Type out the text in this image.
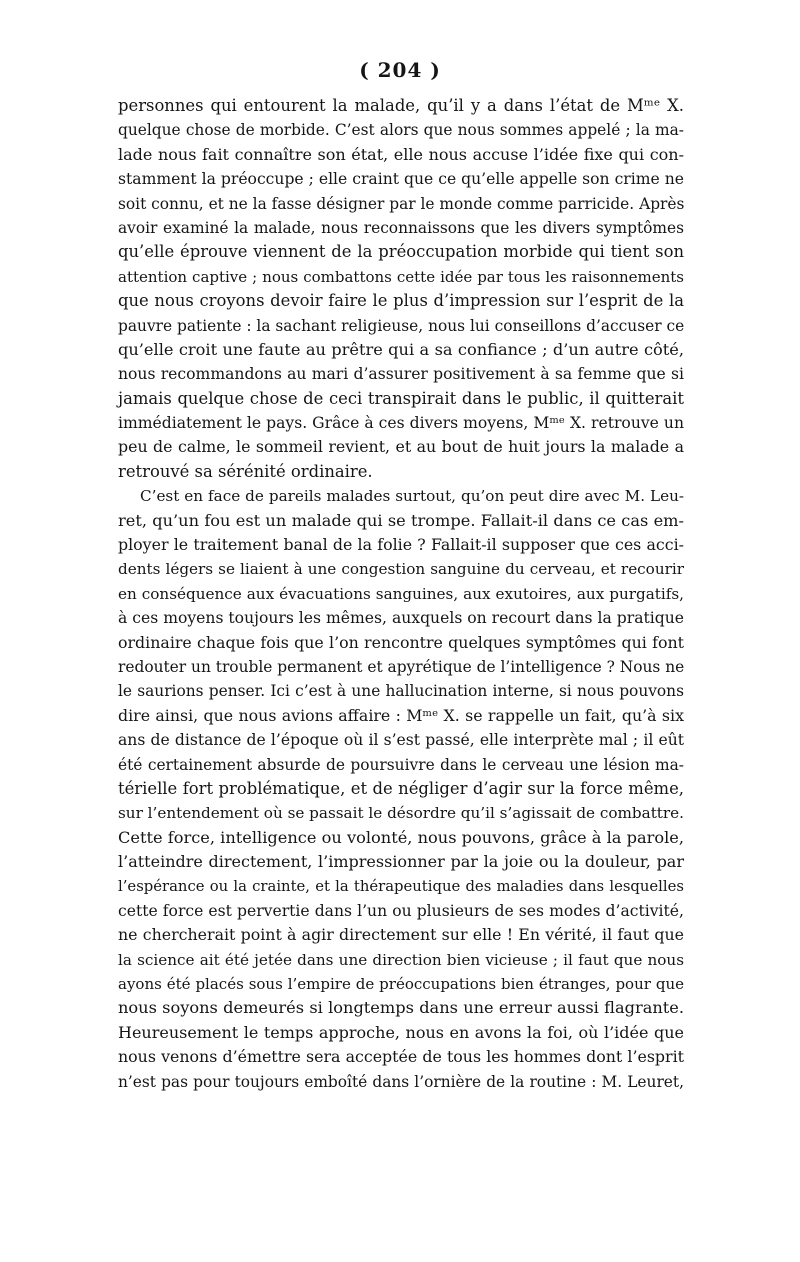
( 204 )
personnes qui entourent la malade, qu’il y a dans l’état de Mᵐᵉ X.
quelque chose de morbide. C’est alors que nous sommes appelé ; la ma-
lade nous fait connaître son état, elle nous accuse l’idée fixe qui con-
stamment la préoccupe ; elle craint que ce qu’elle appelle son crime ne
soit connu, et ne la fasse désigner par le monde comme parricide. Après
avoir examiné la malade, nous reconnaissons que les divers symptômes
qu’elle éprouve viennent de la préoccupation morbide qui tient son
attention captive ; nous combattons cette idée par tous les raisonnements
que nous croyons devoir faire le plus d’impression sur l’esprit de la
pauvre patiente : la sachant religieuse, nous lui conseillons d’accuser ce
qu’elle croit une faute au prêtre qui a sa confiance ; d’un autre côté,
nous recommandons au mari d’assurer positivement à sa femme que si
jamais quelque chose de ceci transpirait dans le public, il quitterait
immédiatement le pays. Grâce à ces divers moyens, Mᵐᵉ X. retrouve un
peu de calme, le sommeil revient, et au bout de huit jours la malade a
retrouvé sa sérénité ordinaire.
C’est en face de pareils malades surtout, qu’on peut dire avec M. Leu-
ret, qu’un fou est un malade qui se trompe. Fallait-il dans ce cas em-
ployer le traitement banal de la folie ? Fallait-il supposer que ces acci-
dents légers se liaient à une congestion sanguine du cerveau, et recourir
en conséquence aux évacuations sanguines, aux exutoires, aux purgatifs,
à ces moyens toujours les mêmes, auxquels on recourt dans la pratique
ordinaire chaque fois que l’on rencontre quelques symptômes qui font
redouter un trouble permanent et apyrétique de l’intelligence ? Nous ne
le saurions penser. Ici c’est à une hallucination interne, si nous pouvons
dire ainsi, que nous avions affaire : Mᵐᵉ X. se rappelle un fait, qu’à six
ans de distance de l’époque où il s’est passé, elle interprète mal ; il eût
été certainement absurde de poursuivre dans le cerveau une lésion ma-
térielle fort problématique, et de négliger d’agir sur la force même,
sur l’entendement où se passait le désordre qu’il s’agissait de combattre.
Cette force, intelligence ou volonté, nous pouvons, grâce à la parole,
l’atteindre directement, l’impressionner par la joie ou la douleur, par
l’espérance ou la crainte, et la thérapeutique des maladies dans lesquelles
cette force est pervertie dans l’un ou plusieurs de ses modes d’activité,
ne chercherait point à agir directement sur elle ! En vérité, il faut que
la science ait été jetée dans une direction bien vicieuse ; il faut que nous
ayons été placés sous l’empire de préoccupations bien étranges, pour que
nous soyons demeurés si longtemps dans une erreur aussi flagrante.
Heureusement le temps approche, nous en avons la foi, où l’idée que
nous venons d’émettre sera acceptée de tous les hommes dont l’esprit
n’est pas pour toujours emboîté dans l’ornière de la routine : M. Leuret,
